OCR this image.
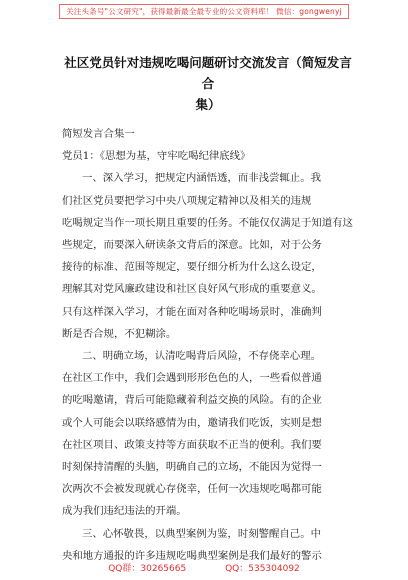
关注头条号"公文研究"，获得最新最全最专业的公文资料库！ 微信：gongwenyj
社区党员针对违规吃喝问题研讨交流发言（简短发言合
集）

简短发言合集一

党员1：《思想为基，守牢吃喝纪律底线》

一、深入学习，把规定内涵悟透，而非浅尝辄止。我

们社区党员要把学习中央八项规定精神以及相关的违规

吃喝规定当作一项长期且重要的任务。不能仅仅满足于知道有这

些规定，而要深入研读条文背后的深意。比如，对于公务

接待的标准、范围等规定，要仔细分析为什么这么设定，

理解其对党风廉政建设和社区良好风气形成的重要意义。

只有这样深入学习，才能在面对各种吃喝场景时，准确判

断是否合规，不犯糊涂。

二、明确立场，认清吃喝背后风险，不存侥幸心理。

在社区工作中，我们会遇到形形色色的人，一些看似普通

的吃喝邀请，背后可能隐藏着利益交换的风险。有的企业

或个人可能会以联络感情为由，邀请我们吃饭，实则是想

在社区项目、政策支持等方面获取不正当的便利。我们要

时刻保持清醒的头脑，明确自己的立场，不能因为觉得一

次两次不会被发现就心存侥幸，任何一次违规吃喝都可能

成为我们违纪违法的开端。

三、心怀敬畏，以典型案例为鉴，时刻警醒自己。中

央和地方通报的许多违规吃喝典型案例是我们最好的警示

QQ群：30265665	QQ：535304092
